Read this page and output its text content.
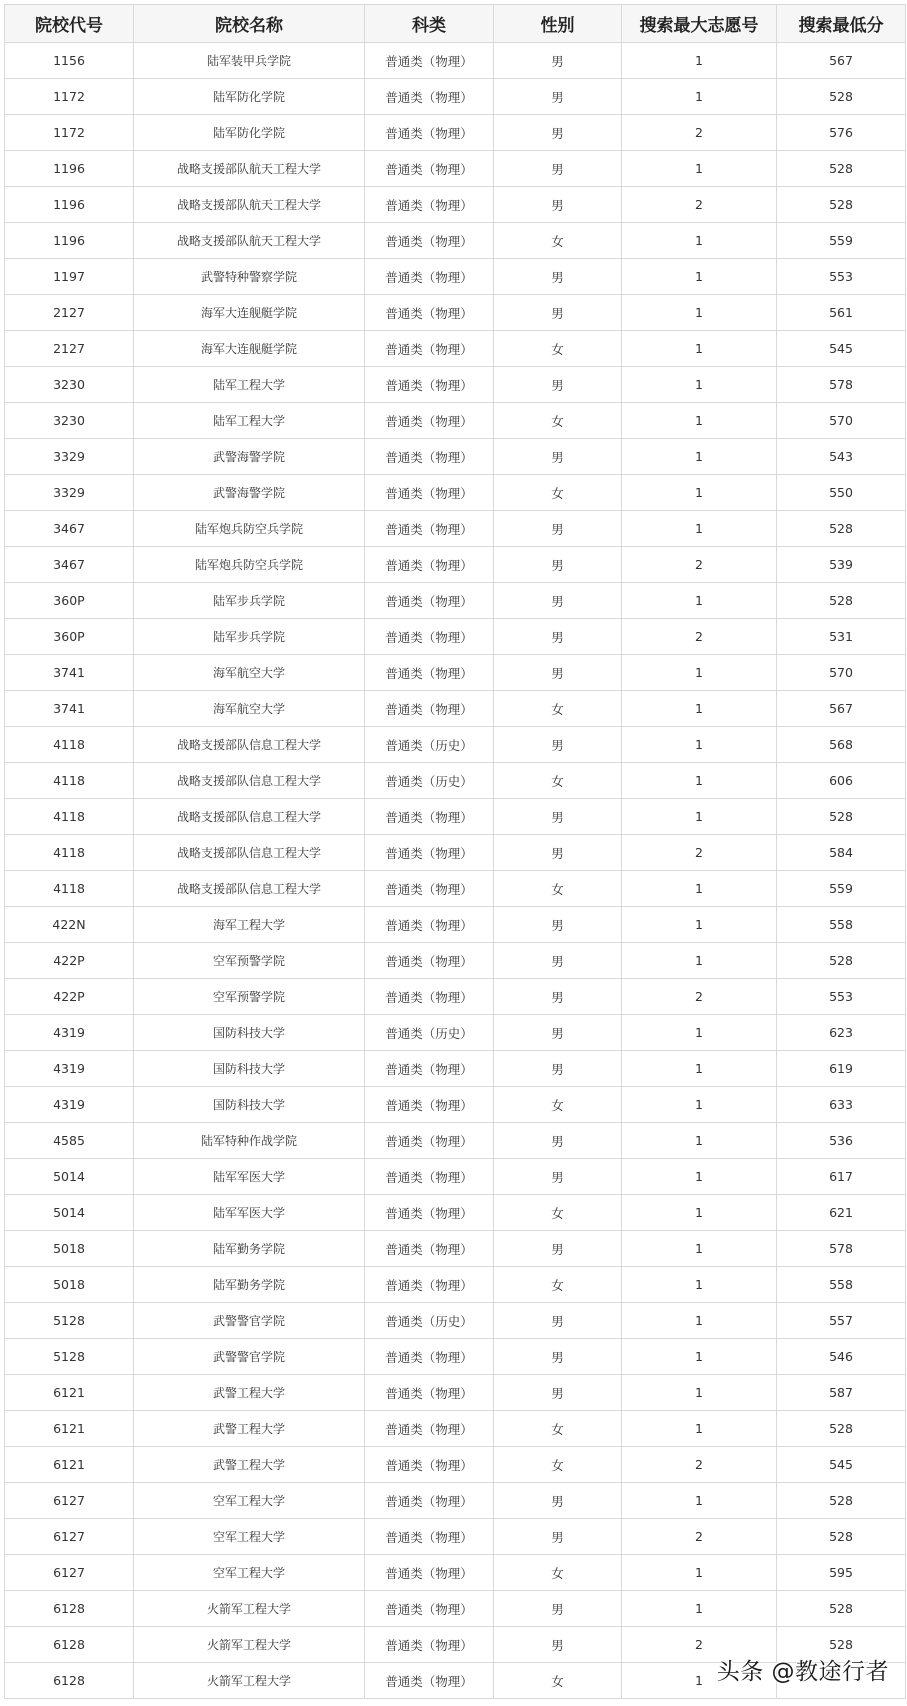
院校代号	院校名称	科类	性别	搜索最大志愿号	搜索最低分
1156	陆军装甲兵学院	普通类（物理）	男	1	567
1172	陆军防化学院	普通类（物理）	男	1	528
1172	陆军防化学院	普通类（物理）	男	2	576
1196	战略支援部队航天工程大学	普通类（物理）	男	1	528
1196	战略支援部队航天工程大学	普通类（物理）	男	2	528
1196	战略支援部队航天工程大学	普通类（物理）	女	1	559
1197	武警特种警察学院	普通类（物理）	男	1	553
2127	海军大连舰艇学院	普通类（物理）	男	1	561
2127	海军大连舰艇学院	普通类（物理）	女	1	545
3230	陆军工程大学	普通类（物理）	男	1	578
3230	陆军工程大学	普通类（物理）	女	1	570
3329	武警海警学院	普通类（物理）	男	1	543
3329	武警海警学院	普通类（物理）	女	1	550
3467	陆军炮兵防空兵学院	普通类（物理）	男	1	528
3467	陆军炮兵防空兵学院	普通类（物理）	男	2	539
360P	陆军步兵学院	普通类（物理）	男	1	528
360P	陆军步兵学院	普通类（物理）	男	2	531
3741	海军航空大学	普通类（物理）	男	1	570
3741	海军航空大学	普通类（物理）	女	1	567
4118	战略支援部队信息工程大学	普通类（历史）	男	1	568
4118	战略支援部队信息工程大学	普通类（历史）	女	1	606
4118	战略支援部队信息工程大学	普通类（物理）	男	1	528
4118	战略支援部队信息工程大学	普通类（物理）	男	2	584
4118	战略支援部队信息工程大学	普通类（物理）	女	1	559
422N	海军工程大学	普通类（物理）	男	1	558
422P	空军预警学院	普通类（物理）	男	1	528
422P	空军预警学院	普通类（物理）	男	2	553
4319	国防科技大学	普通类（历史）	男	1	623
4319	国防科技大学	普通类（物理）	男	1	619
4319	国防科技大学	普通类（物理）	女	1	633
4585	陆军特种作战学院	普通类（物理）	男	1	536
5014	陆军军医大学	普通类（物理）	男	1	617
5014	陆军军医大学	普通类（物理）	女	1	621
5018	陆军勤务学院	普通类（物理）	男	1	578
5018	陆军勤务学院	普通类（物理）	女	1	558
5128	武警警官学院	普通类（历史）	男	1	557
5128	武警警官学院	普通类（物理）	男	1	546
6121	武警工程大学	普通类（物理）	男	1	587
6121	武警工程大学	普通类（物理）	女	1	528
6121	武警工程大学	普通类（物理）	女	2	545
6127	空军工程大学	普通类（物理）	男	1	528
6127	空军工程大学	普通类（物理）	男	2	528
6127	空军工程大学	普通类（物理）	女	1	595
6128	火箭军工程大学	普通类（物理）	男	1	528
6128	火箭军工程大学	普通类（物理）	男	2	528
6128	火箭军工程大学	普通类（物理）	女	1	头条 @教途行者
